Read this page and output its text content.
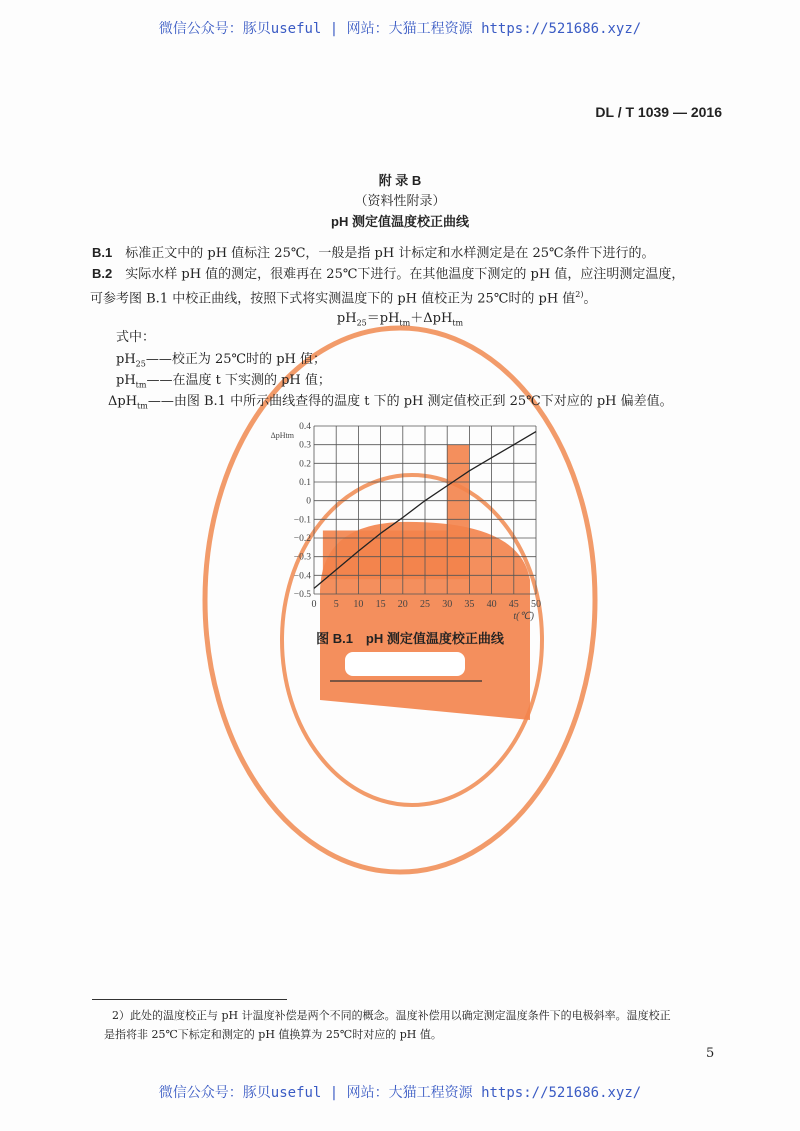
微信公众号：豚贝useful | 网站：大猫工程资源 https://521686.xyz/
DL / T 1039 — 2016
附 录 B
（资料性附录）
pH 测定值温度校正曲线
B.1　 标准正文中的 pH 值标注 25℃，一般是指 pH 计标定和水样测定是在 25℃条件下进行的。
B.2　 实际水样 pH 值的测定，很难再在 25℃下进行。在其他温度下测定的 pH 值，应注明测定温度，
可参考图 B.1 中校正曲线，按照下式将实测温度下的 pH 值校正为 25℃时的 pH 值$^{2)}$。
$pH_{25}=pH_{tm}+\Delta pH_{tm}$
式中：
$pH_{25}——$校正为 25℃时的 pH 值；
$pH_{tm}——$在温度 t 下实测的 pH 值；
ΔpH$_{tm}$——由图 B.1 中所示曲线查得的温度 t 下的 pH 测定值校正到 25℃下对应的 pH 偏差值。
0 5 10 15 20 25 30 35 40 45 50
0.4
0.3
0.2
0.1
0
−0.1
−0.2
−0.3
−0.4
−0.5
ΔpHtm
t(℃)
图 B.1　pH 测定值温度校正曲线
2）此处的温度校正与 pH 计温度补偿是两个不同的概念。温度补偿用以确定测定温度条件下的电极斜率。温度校正
是指将非 25℃下标定和测定的 pH 值换算为 25℃时对应的 pH 值。
5
微信公众号：豚贝useful | 网站：大猫工程资源 https://521686.xyz/
